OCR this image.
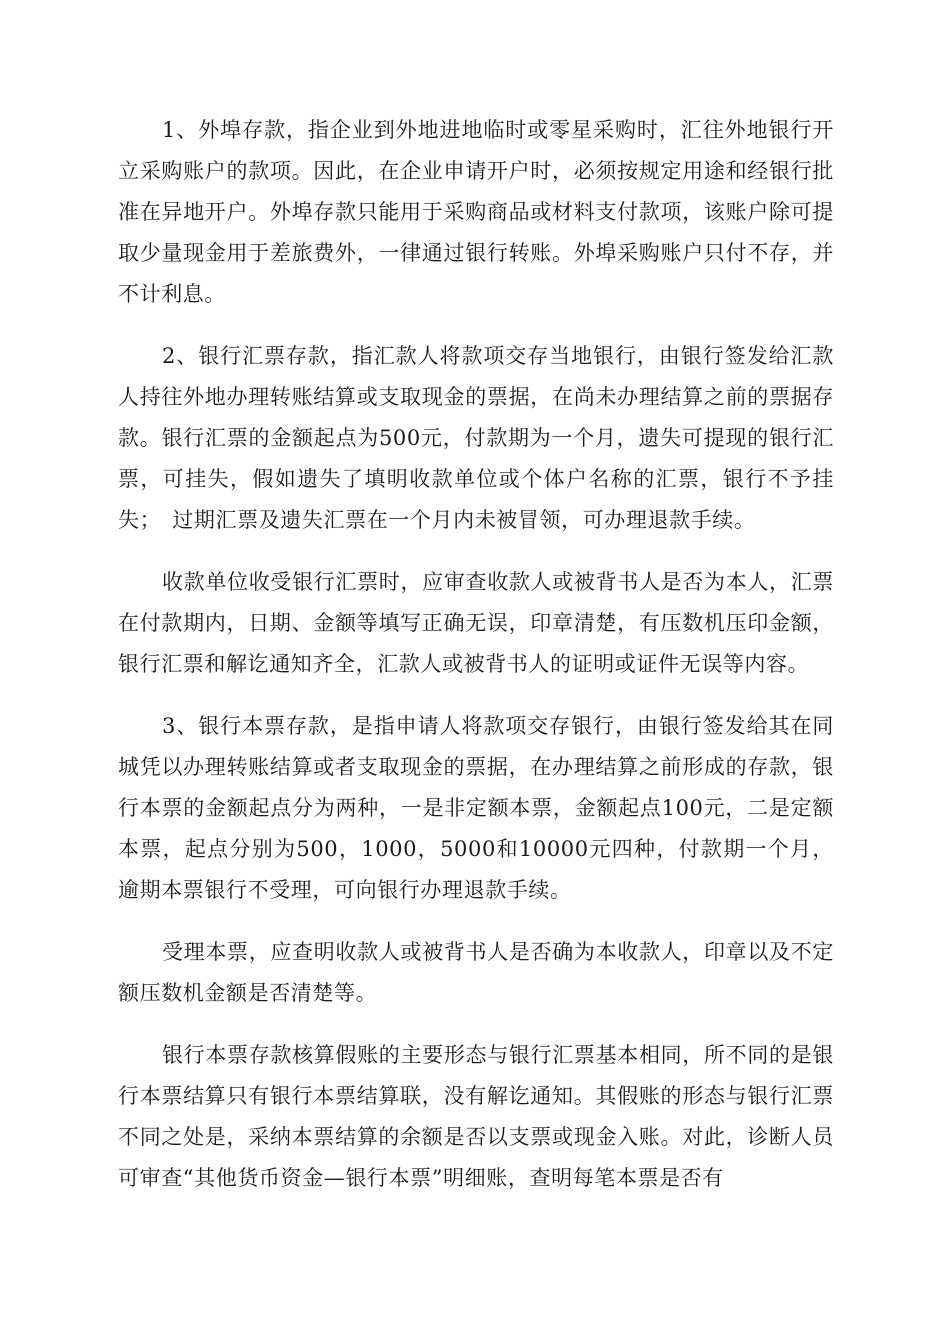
1、外埠存款，指企业到外地进地临时或零星采购时，汇往外地银行开立采购账户的款项。因此，在企业申请开户时，必须按规定用途和经银行批准在异地开户。外埠存款只能用于采购商品或材料支付款项，该账户除可提取少量现金用于差旅费外，一律通过银行转账。外埠采购账户只付不存，并不计利息。

2、银行汇票存款，指汇款人将款项交存当地银行，由银行签发给汇款人持往外地办理转账结算或支取现金的票据，在尚未办理结算之前的票据存款。银行汇票的金额起点为500元，付款期为一个月，遗失可提现的银行汇票，可挂失，假如遗失了填明收款单位或个体户名称的汇票，银行不予挂失；　过期汇票及遗失汇票在一个月内未被冒领，可办理退款手续。

收款单位收受银行汇票时，应审查收款人或被背书人是否为本人，汇票在付款期内，日期、金额等填写正确无误，印章清楚，有压数机压印金额，银行汇票和解讫通知齐全，汇款人或被背书人的证明或证件无误等内容。

3、银行本票存款，是指申请人将款项交存银行，由银行签发给其在同城凭以办理转账结算或者支取现金的票据，在办理结算之前形成的存款，银行本票的金额起点分为两种，一是非定额本票，金额起点100元，二是定额本票，起点分别为500，1000，5000和10000元四种，付款期一个月，逾期本票银行不受理，可向银行办理退款手续。

受理本票，应查明收款人或被背书人是否确为本收款人，印章以及不定额压数机金额是否清楚等。

银行本票存款核算假账的主要形态与银行汇票基本相同，所不同的是银行本票结算只有银行本票结算联，没有解讫通知。其假账的形态与银行汇票不同之处是，采纳本票结算的余额是否以支票或现金入账。对此，诊断人员可审查“其他货币资金—银行本票”明细账，查明每笔本票是否有
